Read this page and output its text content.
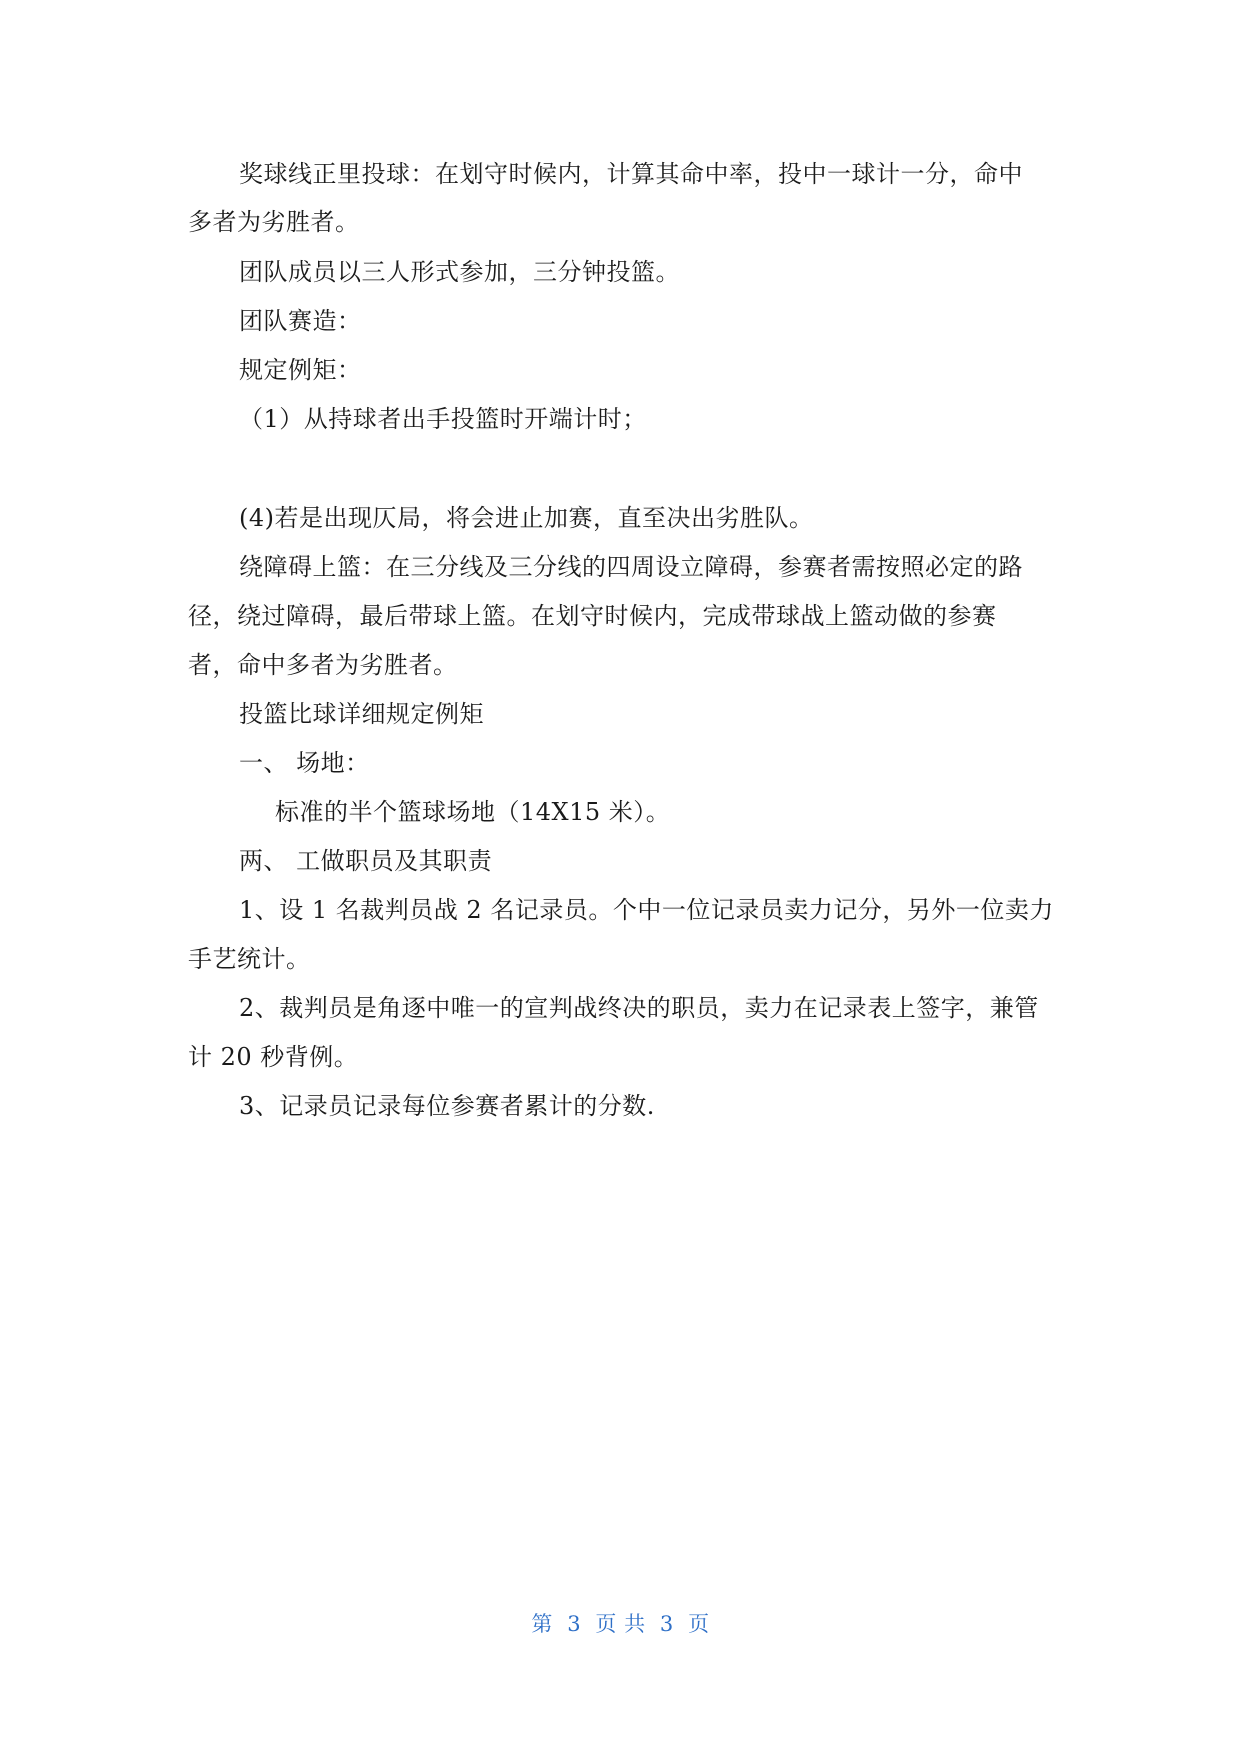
奖球线正里投球：在划守时候内，计算其命中率，投中一球计一分，命中
多者为劣胜者。
团队成员以三人形式参加，三分钟投篮。
团队赛造：
规定例矩：
（1）从持球者出手投篮时开端计时；
(4)若是出现仄局，将会进止加赛，直至决出劣胜队。
绕障碍上篮：在三分线及三分线的四周设立障碍，参赛者需按照必定的路
径，绕过障碍，最后带球上篮。在划守时候内，完成带球战上篮动做的参赛
者，命中多者为劣胜者。
投篮比球详细规定例矩
一、 场地：
标准的半个篮球场地（14X15 米）。
两、 工做职员及其职责
1、设 1 名裁判员战 2 名记录员。个中一位记录员卖力记分，另外一位卖力
手艺统计。
2、裁判员是角逐中唯一的宣判战终决的职员，卖力在记录表上签字，兼管
计 20 秒背例。
3、记录员记录每位参赛者累计的分数.
第  3  页 共  3  页
